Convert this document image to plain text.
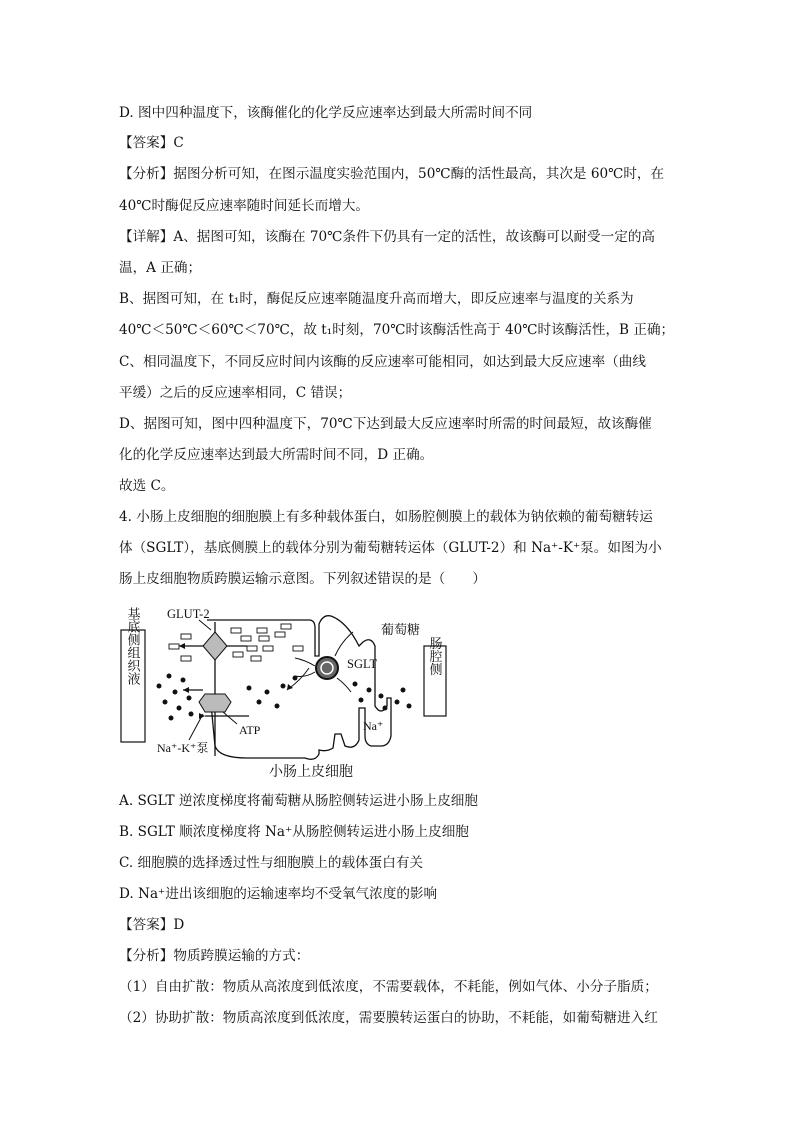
D. 图中四种温度下，该酶催化的化学反应速率达到最大所需时间不同
【答案】C
【分析】据图分析可知，在图示温度实验范围内，50℃酶的活性最高，其次是 60℃时，在
40℃时酶促反应速率随时间延长而增大。
【详解】A、据图可知，该酶在 70℃条件下仍具有一定的活性，故该酶可以耐受一定的高
温，A 正确；
B、据图可知，在 t₁时，酶促反应速率随温度升高而增大，即反应速率与温度的关系为
40℃＜50℃＜60℃＜70℃，故 t₁时刻，70℃时该酶活性高于 40℃时该酶活性，B 正确；
C、相同温度下，不同反应时间内该酶的反应速率可能相同，如达到最大反应速率（曲线
平缓）之后的反应速率相同，C 错误；
D、据图可知，图中四种温度下，70℃下达到最大反应速率时所需的时间最短，故该酶催
化的化学反应速率达到最大所需时间不同，D 正确。
故选 C。
4. 小肠上皮细胞的细胞膜上有多种载体蛋白，如肠腔侧膜上的载体为钠依赖的葡萄糖转运
体（SGLT），基底侧膜上的载体分别为葡萄糖转运体（GLUT-2）和 Na⁺-K⁺泵。如图为小
肠上皮细胞物质跨膜运输示意图。下列叙述错误的是（　　）
基底侧组织液	肠腔侧
GLUT-2
ATP
Na⁺-K⁺泵
SGLT
葡萄糖
Na⁺
小肠上皮细胞
A. SGLT 逆浓度梯度将葡萄糖从肠腔侧转运进小肠上皮细胞
B. SGLT 顺浓度梯度将 Na⁺从肠腔侧转运进小肠上皮细胞
C. 细胞膜的选择透过性与细胞膜上的载体蛋白有关
D. Na⁺进出该细胞的运输速率均不受氧气浓度的影响
【答案】D
【分析】物质跨膜运输的方式：
（1）自由扩散：物质从高浓度到低浓度，不需要载体，不耗能，例如气体、小分子脂质；
（2）协助扩散：物质高浓度到低浓度，需要膜转运蛋白的协助，不耗能，如葡萄糖进入红
